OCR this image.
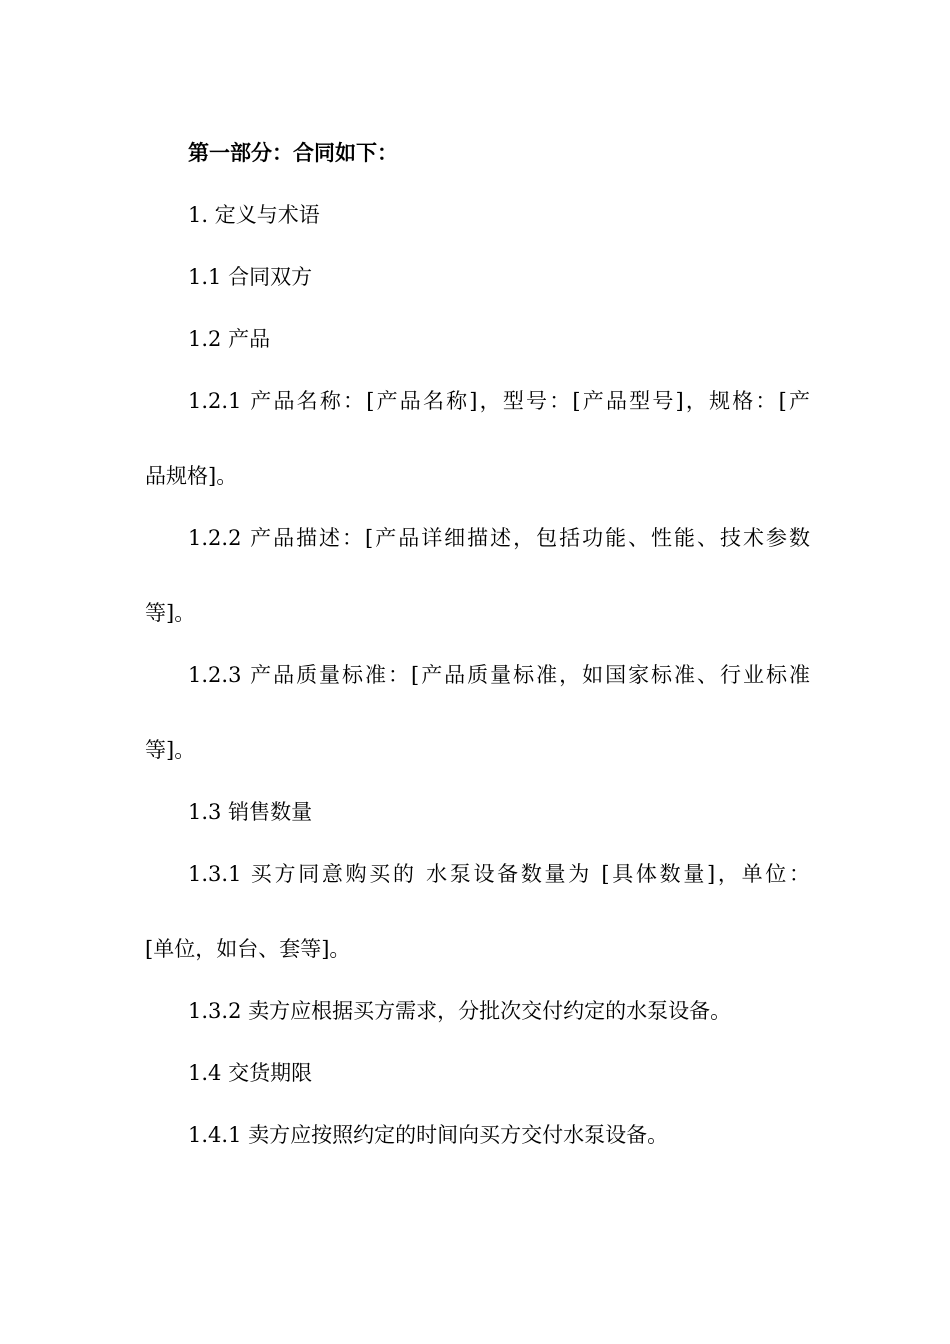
第一部分：合同如下：
1. 定义与术语
1.1 合同双方
1.2 产品
1.2.1 产品名称：[产品名称]，型号：[产品型号]，规格：[产
品规格]。
1.2.2 产品描述：[产品详细描述，包括功能、性能、技术参数
等]。
1.2.3 产品质量标准：[产品质量标准，如国家标准、行业标准
等]。
1.3 销售数量
1.3.1 买方同意购买的 水泵设备数量为 [具体数量]，单位：
[单位，如台、套等]。
1.3.2 卖方应根据买方需求，分批次交付约定的水泵设备。
1.4 交货期限
1.4.1 卖方应按照约定的时间向买方交付水泵设备。
